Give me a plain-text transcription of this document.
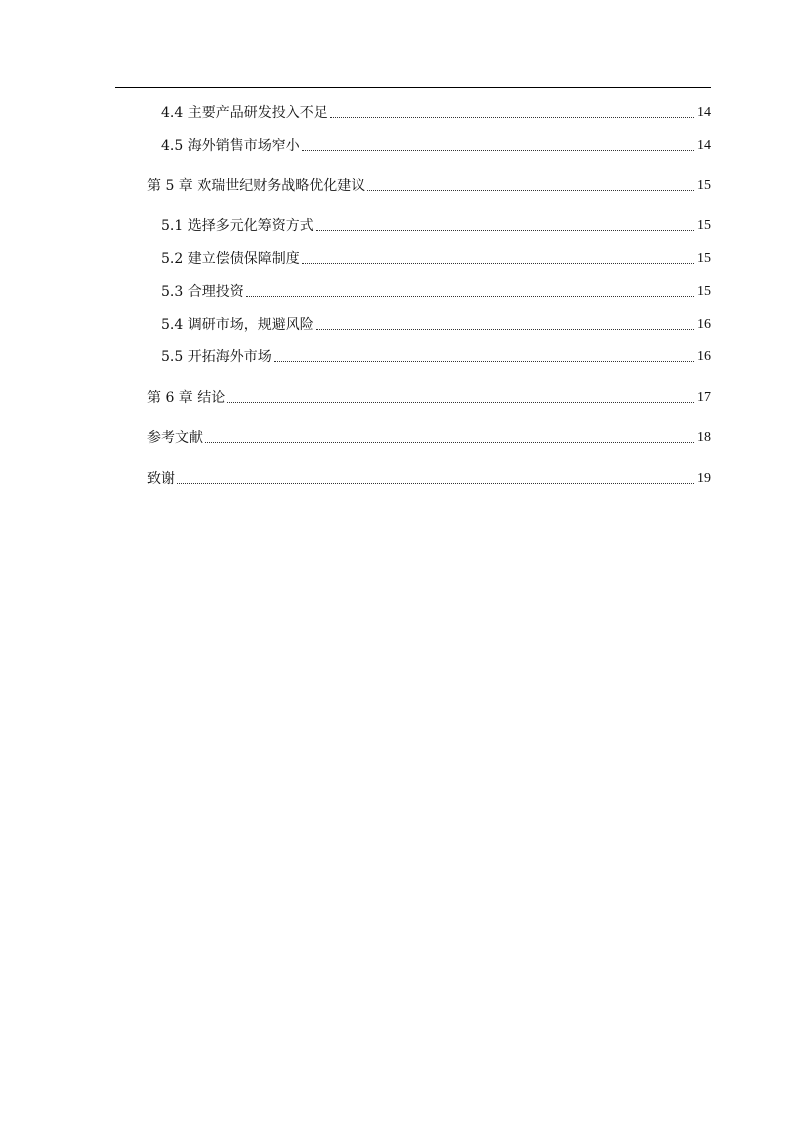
4.4 主要产品研发投入不足	14
4.5 海外销售市场窄小	14
第 5 章 欢瑞世纪财务战略优化建议	15
5.1 选择多元化筹资方式	15
5.2 建立偿债保障制度	15
5.3 合理投资	15
5.4 调研市场，规避风险	16
5.5 开拓海外市场	16
第 6 章 结论	17
参考文献	18
致谢	19
